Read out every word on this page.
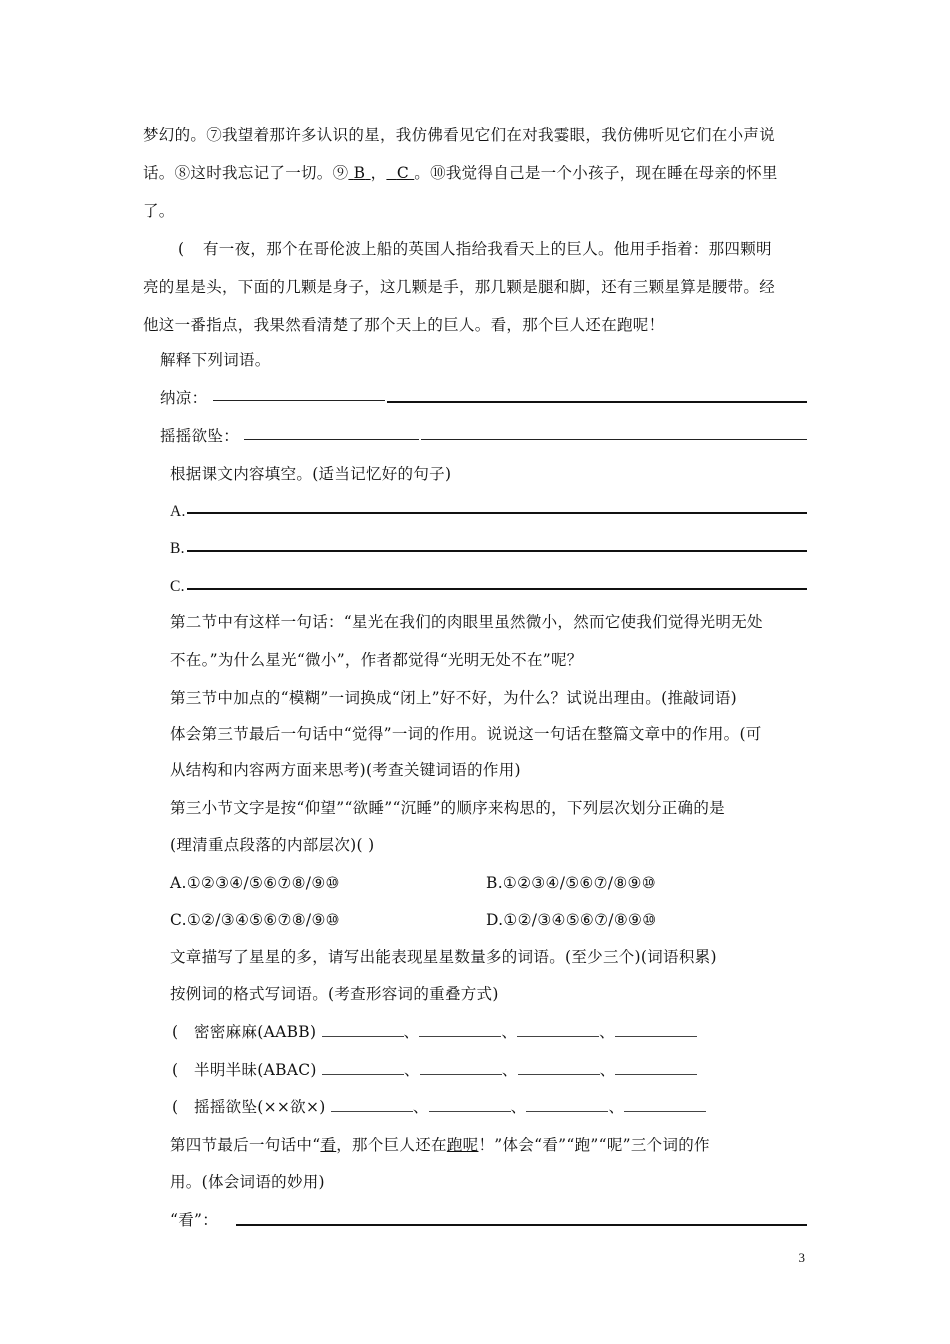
梦幻的。⑦我望着那许多认识的星，我仿佛看见它们在对我霎眼，我仿佛听见它们在小声说
话。⑧这时我忘记了一切。⑨ B ， C 。⑩我觉得自己是一个小孩子，现在睡在母亲的怀里
了。
( 有一夜，那个在哥伦波上船的英国人指给我看天上的巨人。他用手指着：那四颗明
亮的星是头，下面的几颗是身子，这几颗是手，那几颗是腿和脚，还有三颗星算是腰带。经
他这一番指点，我果然看清楚了那个天上的巨人。看，那个巨人还在跑呢！
解释下列词语。
纳凉：
摇摇欲坠：
根据课文内容填空。(适当记忆好的句子)
A.
B.
C.
第二节中有这样一句话：“星光在我们的肉眼里虽然微小，然而它使我们觉得光明无处
不在。”为什么星光“微小”，作者都觉得“光明无处不在”呢？
第三节中加点的“模糊”一词换成“闭上”好不好，为什么？试说出理由。(推敲词语)
体会第三节最后一句话中“觉得”一词的作用。说说这一句话在整篇文章中的作用。(可
从结构和内容两方面来思考)(考查关键词语的作用)
第三小节文字是按“仰望”“欲睡”“沉睡”的顺序来构思的，下列层次划分正确的是
(理清重点段落的内部层次)( )
A.①②③④/⑤⑥⑦⑧/⑨⑩	B.①②③④/⑤⑥⑦/⑧⑨⑩
C.①②/③④⑤⑥⑦⑧/⑨⑩	D.①②/③④⑤⑥⑦/⑧⑨⑩
文章描写了星星的多，请写出能表现星星数量多的词语。(至少三个)(词语积累)
按例词的格式写词语。(考查形容词的重叠方式)
( 密密麻麻(AABB)	、	、	、
( 半明半昧(ABAC)	、	、	、
( 摇摇欲坠(××欲×)	、	、	、
第四节最后一句话中“看，那个巨人还在跑呢！”体会“看”“跑”“呢”三个词的作
用。(体会词语的妙用)
“看”：
3
